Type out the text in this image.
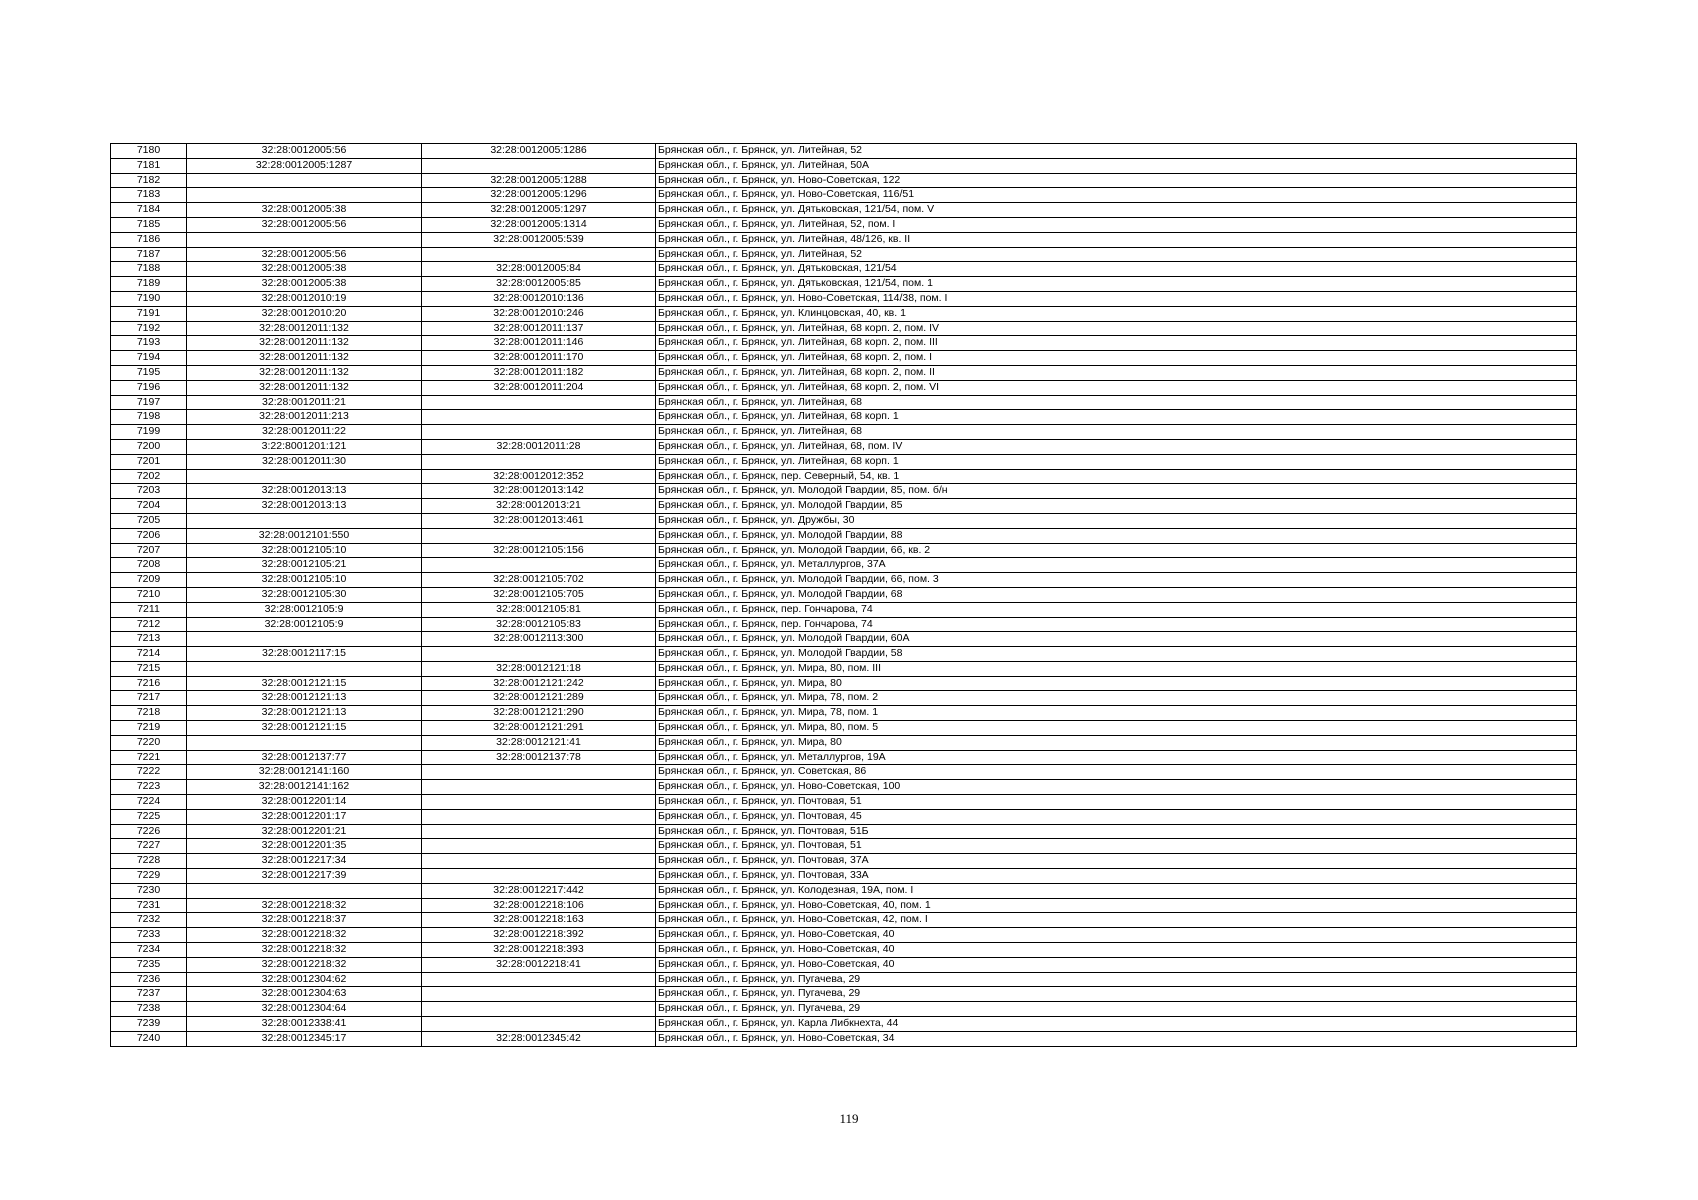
7180	32:28:0012005:56	32:28:0012005:1286	Брянская обл., г. Брянск, ул. Литейная, 52
7181	32:28:0012005:1287		Брянская обл., г. Брянск, ул. Литейная, 50А
7182		32:28:0012005:1288	Брянская обл., г. Брянск, ул. Ново-Советская, 122
7183		32:28:0012005:1296	Брянская обл., г. Брянск, ул. Ново-Советская, 116/51
7184	32:28:0012005:38	32:28:0012005:1297	Брянская обл., г. Брянск, ул. Дятьковская, 121/54, пом. V
7185	32:28:0012005:56	32:28:0012005:1314	Брянская обл., г. Брянск, ул. Литейная, 52, пом. I
7186		32:28:0012005:539	Брянская обл., г. Брянск, ул. Литейная, 48/126, кв. II
7187	32:28:0012005:56		Брянская обл., г. Брянск, ул. Литейная, 52
7188	32:28:0012005:38	32:28:0012005:84	Брянская обл., г. Брянск, ул. Дятьковская, 121/54
7189	32:28:0012005:38	32:28:0012005:85	Брянская обл., г. Брянск, ул. Дятьковская, 121/54, пом. 1
7190	32:28:0012010:19	32:28:0012010:136	Брянская обл., г. Брянск, ул. Ново-Советская, 114/38, пом. I
7191	32:28:0012010:20	32:28:0012010:246	Брянская обл., г. Брянск, ул. Клинцовская, 40, кв. 1
7192	32:28:0012011:132	32:28:0012011:137	Брянская обл., г. Брянск, ул. Литейная, 68 корп. 2, пом. IV
7193	32:28:0012011:132	32:28:0012011:146	Брянская обл., г. Брянск, ул. Литейная, 68 корп. 2, пом. III
7194	32:28:0012011:132	32:28:0012011:170	Брянская обл., г. Брянск, ул. Литейная, 68 корп. 2, пом. I
7195	32:28:0012011:132	32:28:0012011:182	Брянская обл., г. Брянск, ул. Литейная, 68 корп. 2, пом. II
7196	32:28:0012011:132	32:28:0012011:204	Брянская обл., г. Брянск, ул. Литейная, 68 корп. 2, пом. VI
7197	32:28:0012011:21		Брянская обл., г. Брянск, ул. Литейная, 68
7198	32:28:0012011:213		Брянская обл., г. Брянск, ул. Литейная, 68 корп. 1
7199	32:28:0012011:22		Брянская обл., г. Брянск, ул. Литейная, 68
7200	3:22:8001201:121	32:28:0012011:28	Брянская обл., г. Брянск, ул. Литейная, 68, пом. IV
7201	32:28:0012011:30		Брянская обл., г. Брянск, ул. Литейная, 68 корп. 1
7202		32:28:0012012:352	Брянская обл., г. Брянск, пер. Северный, 54, кв. 1
7203	32:28:0012013:13	32:28:0012013:142	Брянская обл., г. Брянск, ул. Молодой Гвардии, 85, пом. б/н
7204	32:28:0012013:13	32:28:0012013:21	Брянская обл., г. Брянск, ул. Молодой Гвардии, 85
7205		32:28:0012013:461	Брянская обл., г. Брянск, ул. Дружбы, 30
7206	32:28:0012101:550		Брянская обл., г. Брянск, ул. Молодой Гвардии, 88
7207	32:28:0012105:10	32:28:0012105:156	Брянская обл., г. Брянск, ул. Молодой Гвардии, 66, кв. 2
7208	32:28:0012105:21		Брянская обл., г. Брянск, ул. Металлургов, 37А
7209	32:28:0012105:10	32:28:0012105:702	Брянская обл., г. Брянск, ул. Молодой Гвардии, 66, пом. 3
7210	32:28:0012105:30	32:28:0012105:705	Брянская обл., г. Брянск, ул. Молодой Гвардии, 68
7211	32:28:0012105:9	32:28:0012105:81	Брянская обл., г. Брянск, пер. Гончарова, 74
7212	32:28:0012105:9	32:28:0012105:83	Брянская обл., г. Брянск, пер. Гончарова, 74
7213		32:28:0012113:300	Брянская обл., г. Брянск, ул. Молодой Гвардии, 60А
7214	32:28:0012117:15		Брянская обл., г. Брянск, ул. Молодой Гвардии, 58
7215		32:28:0012121:18	Брянская обл., г. Брянск, ул. Мира, 80, пом. III
7216	32:28:0012121:15	32:28:0012121:242	Брянская обл., г. Брянск, ул. Мира, 80
7217	32:28:0012121:13	32:28:0012121:289	Брянская обл., г. Брянск, ул. Мира, 78, пом. 2
7218	32:28:0012121:13	32:28:0012121:290	Брянская обл., г. Брянск, ул. Мира, 78, пом. 1
7219	32:28:0012121:15	32:28:0012121:291	Брянская обл., г. Брянск, ул. Мира, 80, пом. 5
7220		32:28:0012121:41	Брянская обл., г. Брянск, ул. Мира, 80
7221	32:28:0012137:77	32:28:0012137:78	Брянская обл., г. Брянск, ул. Металлургов, 19А
7222	32:28:0012141:160		Брянская обл., г. Брянск, ул. Советская, 86
7223	32:28:0012141:162		Брянская обл., г. Брянск, ул. Ново-Советская, 100
7224	32:28:0012201:14		Брянская обл., г. Брянск, ул. Почтовая, 51
7225	32:28:0012201:17		Брянская обл., г. Брянск, ул. Почтовая, 45
7226	32:28:0012201:21		Брянская обл., г. Брянск, ул. Почтовая, 51Б
7227	32:28:0012201:35		Брянская обл., г. Брянск, ул. Почтовая, 51
7228	32:28:0012217:34		Брянская обл., г. Брянск, ул. Почтовая, 37А
7229	32:28:0012217:39		Брянская обл., г. Брянск, ул. Почтовая, 33А
7230		32:28:0012217:442	Брянская обл., г. Брянск, ул. Колодезная, 19А, пом. I
7231	32:28:0012218:32	32:28:0012218:106	Брянская обл., г. Брянск, ул. Ново-Советская, 40, пом. 1
7232	32:28:0012218:37	32:28:0012218:163	Брянская обл., г. Брянск, ул. Ново-Советская, 42, пом. I
7233	32:28:0012218:32	32:28:0012218:392	Брянская обл., г. Брянск, ул. Ново-Советская, 40
7234	32:28:0012218:32	32:28:0012218:393	Брянская обл., г. Брянск, ул. Ново-Советская, 40
7235	32:28:0012218:32	32:28:0012218:41	Брянская обл., г. Брянск, ул. Ново-Советская, 40
7236	32:28:0012304:62		Брянская обл., г. Брянск, ул. Пугачева, 29
7237	32:28:0012304:63		Брянская обл., г. Брянск, ул. Пугачева, 29
7238	32:28:0012304:64		Брянская обл., г. Брянск, ул. Пугачева, 29
7239	32:28:0012338:41		Брянская обл., г. Брянск, ул. Карла Либкнехта, 44
7240	32:28:0012345:17	32:28:0012345:42	Брянская обл., г. Брянск, ул. Ново-Советская, 34
119
